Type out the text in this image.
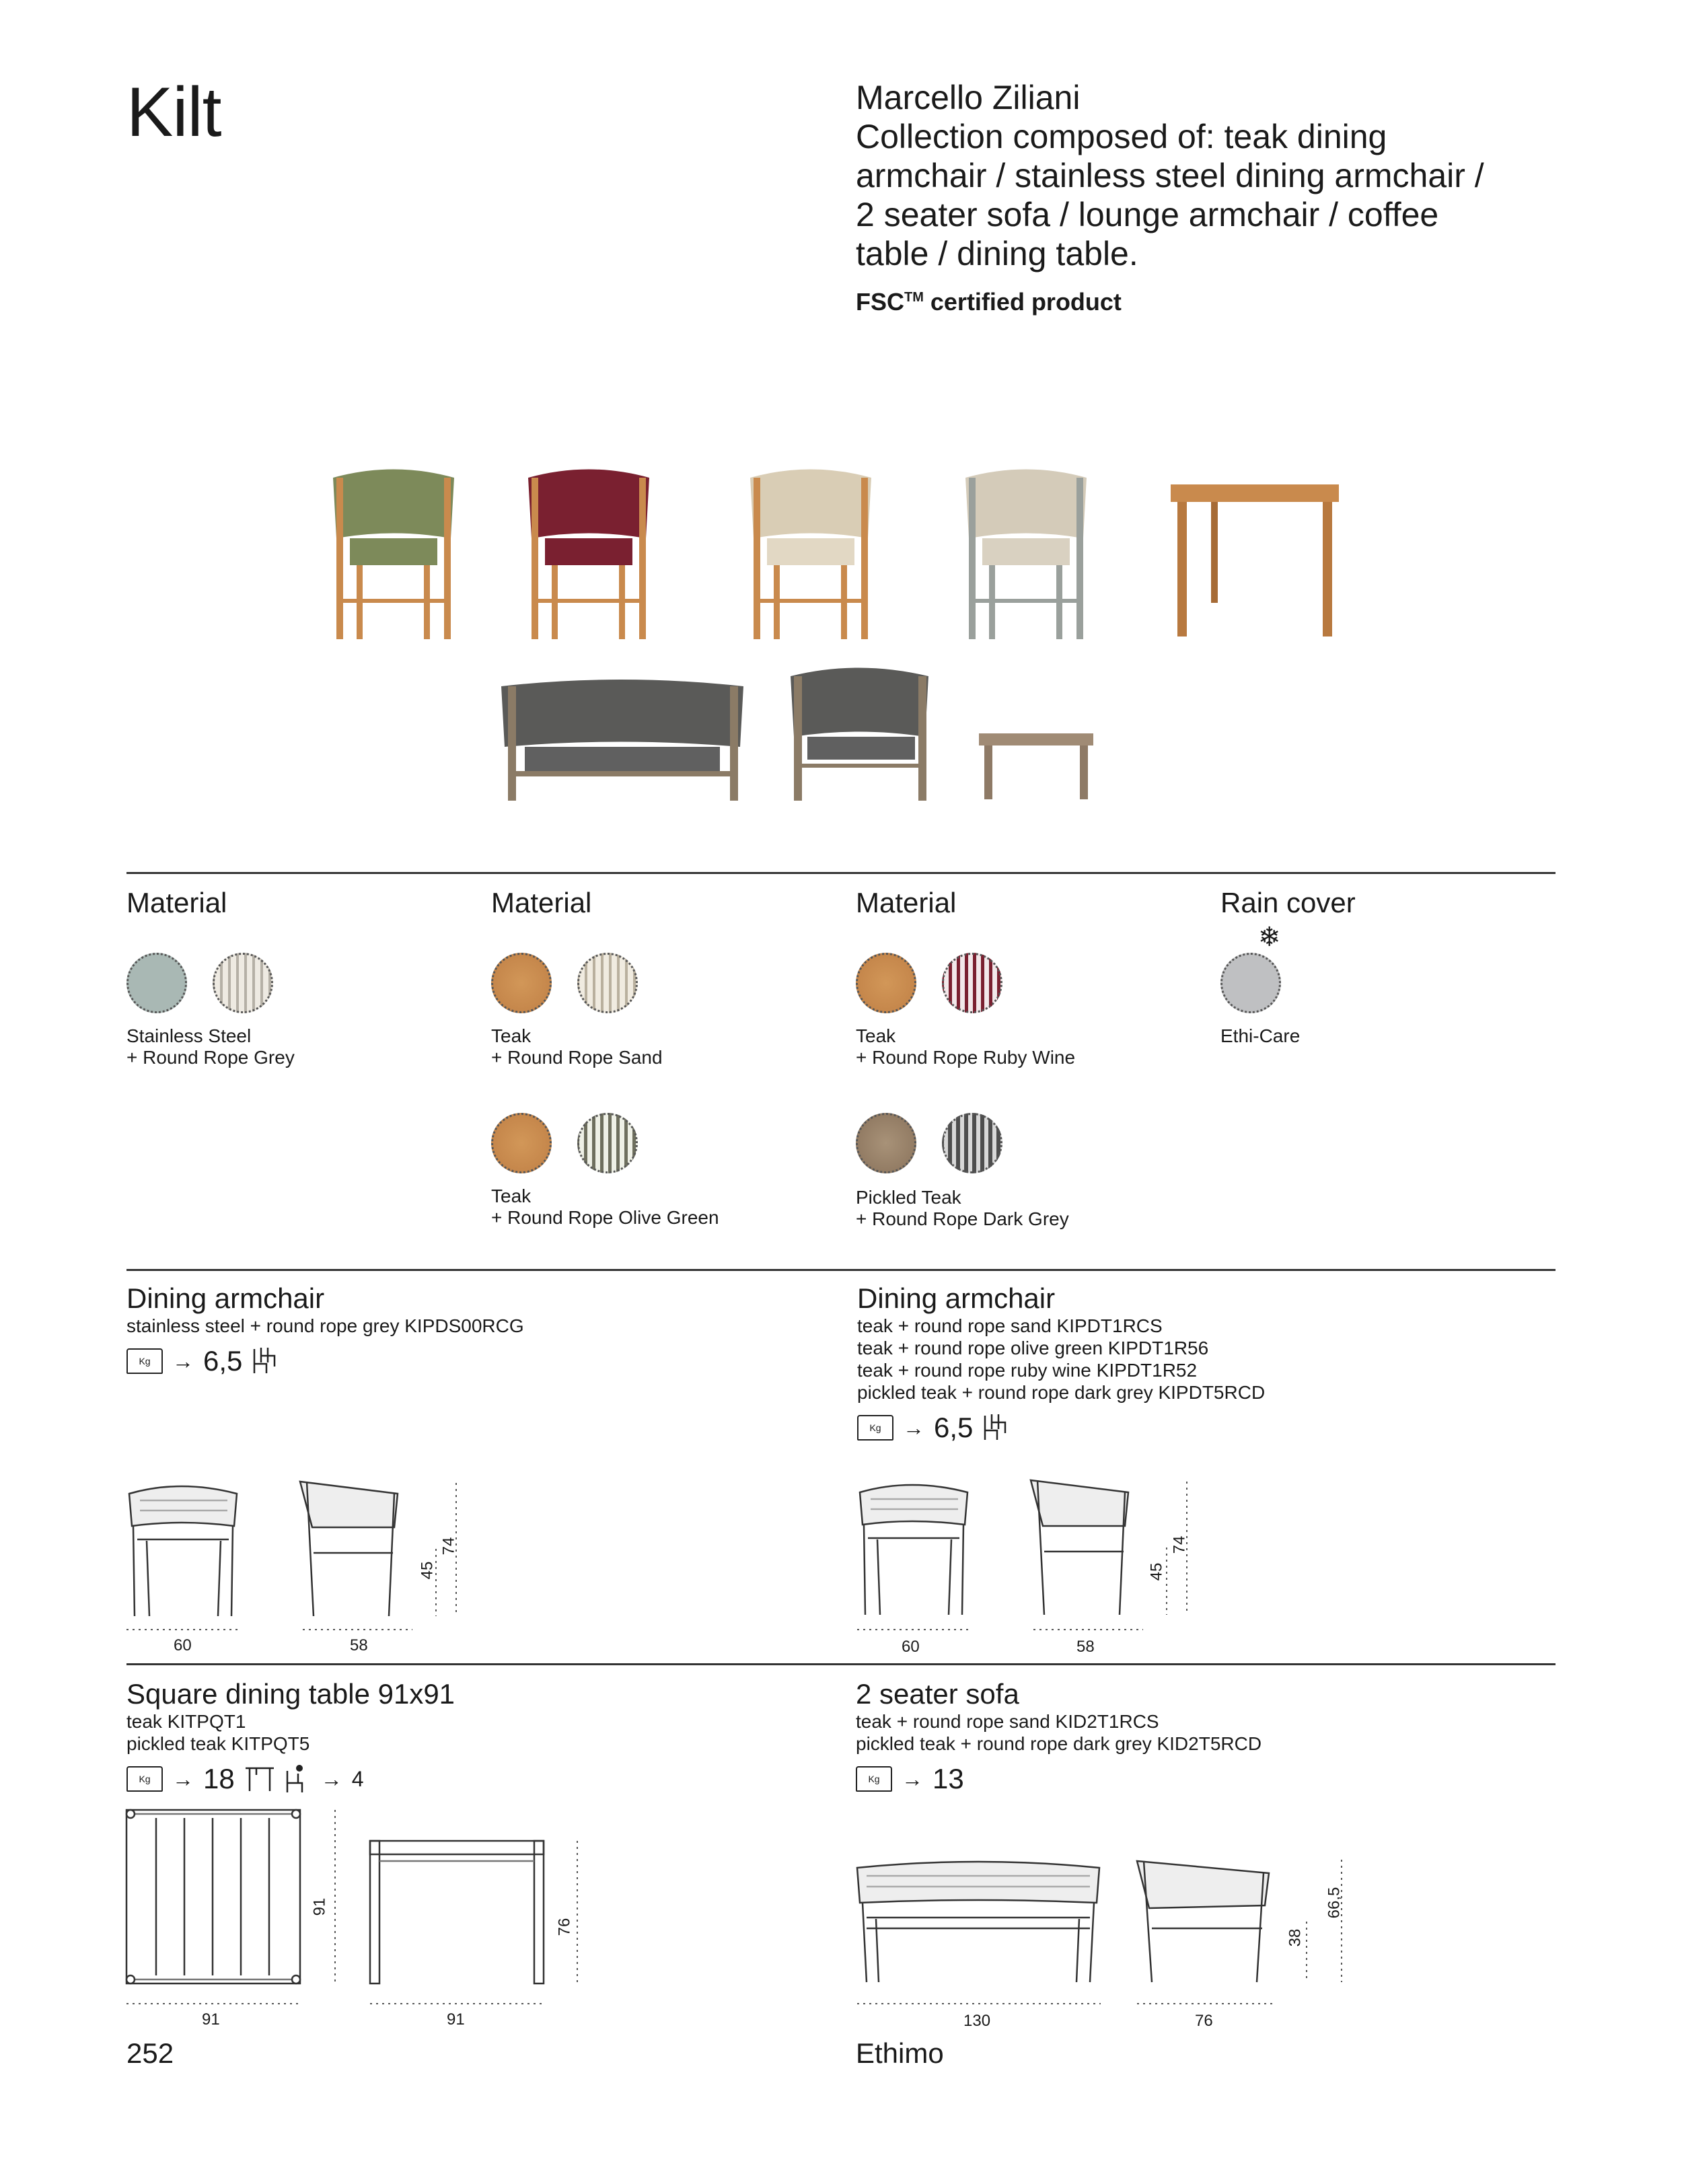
Kilt	Marcello Ziliani
Collection composed of: teak dining armchair / stainless steel dining armchair / 2 seater sofa / lounge armchair / coffee table / dining table.
FSC™ certified product
Material
Stainless Steel
+ Round Rope Grey
Material
Teak
+ Round Rope Sand
Material
Teak
+ Round Rope Ruby Wine
Rain cover
❄
Ethi-Care
Teak
+ Round Rope Olive Green
Pickled Teak
+ Round Rope Dark Grey
Dining armchair
stainless steel + round rope grey KIPDS00RCG
Kg	→ 6,5
Dining armchair
teak + round rope sand KIPDT1RCS
teak + round rope olive green KIPDT1R56
teak + round rope ruby wine KIPDT1R52
pickled teak + round rope dark grey KIPDT5RCD
Kg	→ 6,5
60	58
45
74
60	58
45
74
Square dining table 91x91
teak KITPQT1
pickled teak KITPQT5
Kg	→ 18	→ 4
91	91
91
76
2 seater sofa
teak + round rope sand KID2T1RCS
pickled teak + round rope dark grey KID2T5RCD
Kg	→ 13
130	76
38
66,5
252	Ethimo
